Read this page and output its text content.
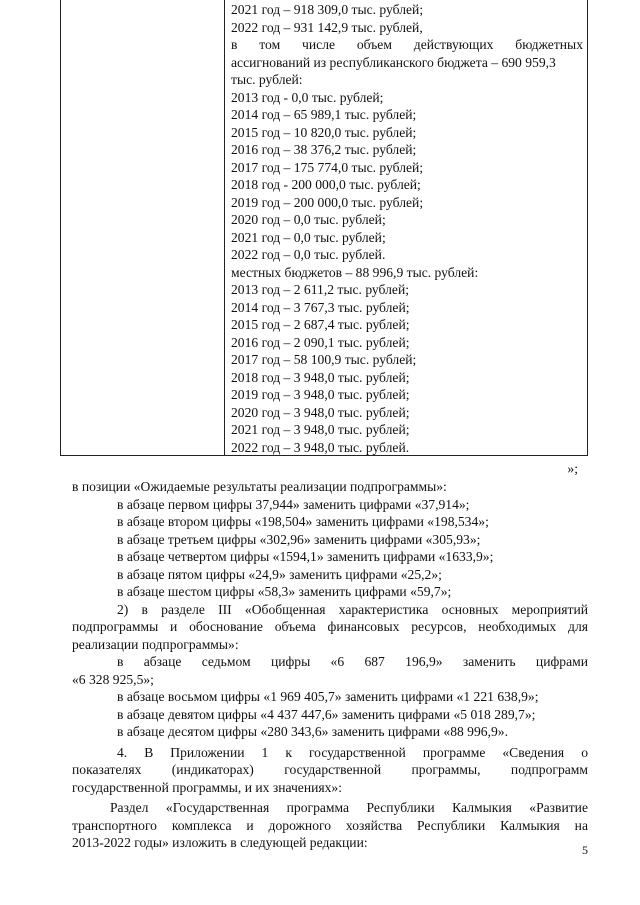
2021 год – 918 309,0 тыс. рублей;
2022 год – 931 142,9 тыс. рублей,
в том числе объем действующих бюджетных
ассигнований из республиканского бюджета – 690 959,3
тыс. рублей:
2013 год - 0,0 тыс. рублей;
2014 год – 65 989,1 тыс. рублей;
2015 год – 10 820,0 тыс. рублей;
2016 год – 38 376,2 тыс. рублей;
2017 год – 175 774,0 тыс. рублей;
2018 год - 200 000,0 тыс. рублей;
2019 год – 200 000,0 тыс. рублей;
2020 год – 0,0 тыс. рублей;
2021 год – 0,0 тыс. рублей;
2022 год – 0,0 тыс. рублей.
местных бюджетов – 88 996,9 тыс. рублей:
2013 год – 2 611,2 тыс. рублей;
2014 год – 3 767,3 тыс. рублей;
2015 год – 2 687,4 тыс. рублей;
2016 год – 2 090,1 тыс. рублей;
2017 год – 58 100,9 тыс. рублей;
2018 год – 3 948,0 тыс. рублей;
2019 год – 3 948,0 тыс. рублей;
2020 год – 3 948,0 тыс. рублей;
2021 год – 3 948,0 тыс. рублей;
2022 год – 3 948,0 тыс. рублей.
»;
в позиции «Ожидаемые результаты реализации подпрограммы»:
в абзаце первом цифры 37,944» заменить цифрами «37,914»;
в абзаце втором цифры «198,504» заменить цифрами «198,534»;
в абзаце третьем цифры «302,96» заменить цифрами «305,93»;
в абзаце четвертом цифры «1594,1» заменить цифрами «1633,9»;
в абзаце пятом цифры «24,9» заменить цифрами «25,2»;
в абзаце шестом цифры «58,3» заменить цифрами «59,7»;
2) в разделе III «Обобщенная характеристика основных мероприятий
подпрограммы и обоснование объема финансовых ресурсов, необходимых для
реализации подпрограммы»:
в абзаце седьмом цифры «6 687 196,9» заменить цифрами
«6 328 925,5»;
в абзаце восьмом цифры «1 969 405,7» заменить цифрами «1 221 638,9»;
в абзаце девятом цифры «4 437 447,6» заменить цифрами «5 018 289,7»;
в абзаце десятом цифры «280 343,6» заменить цифрами «88 996,9».
4. В Приложении 1 к государственной программе «Сведения о
показателях (индикаторах) государственной программы, подпрограмм
государственной программы, и их значениях»:
Раздел «Государственная программа Республики Калмыкия «Развитие
транспортного комплекса и дорожного хозяйства Республики Калмыкия на
2013-2022 годы» изложить в следующей редакции:	5
